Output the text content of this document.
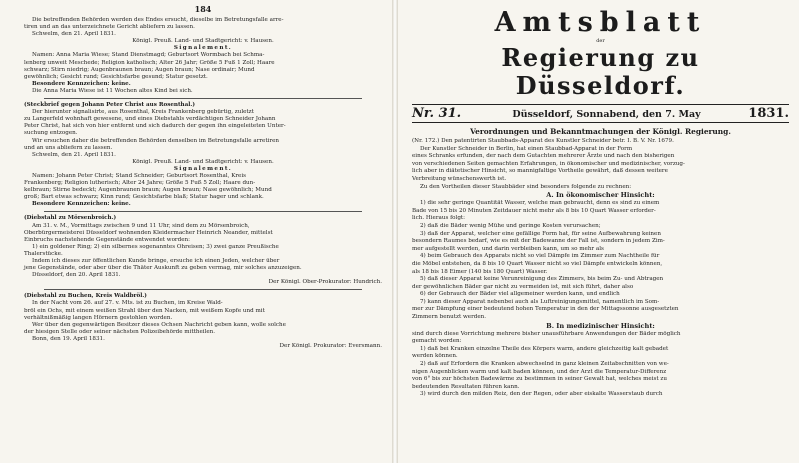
184
Die betreffenden Behörden werden des Endes ersucht, dieselbe im Betretungsfalle arre-
tiren und an das unterzeichnete Gericht abliefern zu lassen.
Schwelm, den 21. April 1831.
Königl. Preuß. Land- und Stadtgericht: v. Hausen.
Signalement.
Namen: Anna Maria Wiese; Stand Dienstmagd; Geburtsort Wormbach bei Schma-
lenberg unweit Meschede; Religion katholisch; Alter 26 Jahr; Größe 5 Fuß 1 Zoll; Haare
schwarz; Stirn niedrig; Augenbraunen braun; Augen braun; Nase ordinair; Mund
gewöhnlich; Gesicht rund; Gesichtsfarbe gesund; Statur gesetzt.
Besondere Kennzeichen: keine.
Die Anna Maria Wiese ist 11 Wochen altes Kind bei sich.
(Steckbrief gegen Johann Peter Christ aus Rosenthal.)
Der hierunter signalisirte, aus Rosenthal, Kreis Frankenberg gebürtig, zuletzt
zu Langerfeld wohnhaft gewesene, und eines Diebstahls verdächtigen Schneider Johann
Peter Christ, hat sich von hier entfernt und sich dadurch der gegen ihn eingeleiteten Unter-
suchung entzogen.
Wir ersuchen daher die betreffenden Behörden denselben im Betretungsfalle arretiren
und an uns abliefern zu lassen.
Schwelm, den 21. April 1831.
Königl. Preuß. Land- und Stadtgericht: v. Hausen.
Signalement.
Namen: Johann Peter Christ; Stand Schneider; Geburtsort Rosenthal, Kreis
Frankenberg; Religion lutherisch; Alter 24 Jahre; Größe 5 Fuß 5 Zoll; Haare dun-
kelbraun; Stirne bedeckt; Augenbraunen braun; Augen braun; Nase gewöhnlich; Mund
groß; Bart etwas schwarz; Kinn rund; Gesichtsfarbe blaß; Statur hager und schlank.
Besondere Kennzeichen: keine.
(Diebstahl zu Mörsenbroich.)
Am 31. v. M., Vormittags zwischen 9 und 11 Uhr, sind dem zu Mörsenbroich,
Oberbürgermeisterei Düsseldorf wohnenden Kleidermacher Heinrich Neander, mittelst
Einbruchs nachstehende Gegenstände entwendet worden:
1) ein goldener Ring; 2) ein silbernes sogenanntes Ohreisen; 3) zwei ganze Preußische
Thalerstücke.
Indem ich dieses zur öffentlichen Kunde bringe, ersuche ich einen Jeden, welcher über
jene Gegenstände, oder aber über die Thäter Auskunft zu geben vermag, mir solches anzuzeigen.
Düsseldorf, den 20. April 1831.
Der Königl. Ober-Prokurator: Hundrich.
(Diebstahl zu Buchen, Kreis Waldbröl.)
In der Nacht vom 26. auf 27. v. Mts. ist zu Buchen, im Kreise Wald-
bröl ein Ochs, mit einem weißen Strahl über den Nacken, mit weißem Kopfe und mit
verhältnißmäßig langen Hörnern gestohlen worden.
Wer über den gegenwärtigen Besitzer dieses Ochsen Nachricht geben kann, wolle solche
der hiesigen Stelle oder seiner nächsten Polizeibehörde mittheilen.
Bonn, den 19. April 1831.
Der Königl. Prokurator: Eversmann.
Amtsblatt
der
Regierung zu Düsseldorf.
Nr. 31.	Düsseldorf, Sonnabend, den 7. May	1831.
Verordnungen und Bekanntmachungen der Königl. Regierung.
(Nr. 172.) Den patentirten Staubbads-Apparat des Kunstler Schneider betr. I. B. V. Nr. 1679.
Der Kunstler Schneider in Berlin, hat einen Staubbad-Apparat in der Form
eines Schranks erfunden, der nach dem Gutachten mehrerer Ärzte und nach den bisherigen
von verschiedenen Seiten gemachten Erfahrungen, in ökonomischer und medizinischer, vorzug-
lich aber in diätetischer Hinsicht, so mannigfaltige Vortheile gewährt, daß dessen weitere
Verbreitung wünschenswerth ist.
Zu den Vortheilen dieser Staubbäder sind besonders folgende zu rechnen:
A. In ökonomischer Hinsicht:
1) die sehr geringe Quantität Wasser, welche man gebraucht, denn es sind zu einem
Bade von 15 bis 20 Minuten Zeitdauer nicht mehr als 8 bis 10 Quart Wasser erforder-
lich. Hieraus folgt:
2) daß die Bäder wenig Mühe und geringe Kosten verursachen;
3) daß der Apparat, welcher eine gefällige Form hat, für seine Aufbewahrung keinen
besondern Raumes bedarf, wie es mit der Badewanne der Fall ist, sondern in jedem Zim-
mer aufgestellt werden, und darin verbleiben kann, um so mehr als
4) beim Gebrauch des Apparats nicht so viel Dämpfe im Zimmer zum Nachtheile für
die Möbel entstehen, da 8 bis 10 Quart Wasser nicht so viel Dämpfe entwickeln können,
als 18 bis 18 Eimer (140 bis 180 Quart) Wasser.
5) daß dieser Apparat keine Verunreinigung des Zimmers, bis beim Zu- und Abtragen
der gewöhnlichen Bäder gar nicht zu vermeiden ist, mit sich führt, daher also
6) der Gebrauch der Bäder viel allgemeiner werden kann, und endlich
7) kann dieser Apparat nebenbei auch als Luftreinigungsmittel, namentlich im Som-
mer zur Dämpfung einer bedeutend hohen Temperatur in den der Mittagssonne ausgesetzten
Zimmern benutzt werden.
B. In medizinischer Hinsicht:
sind durch diese Vorrichtung mehrere bisher unausführbare Anwendungen der Bäder möglich
gemacht worden:
1) daß bei Kranken einzelne Theile des Körpers warm, andere gleichzeitig kalt gebadet
werden können.
2) daß auf Erfordern die Kranken abwechselnd in ganz kleinen Zeitabschnitten von we-
nigen Augenblicken warm und kalt baden können, und der Arzt die Temperatur-Differenz
von 6° bis zur höchsten Badewärme zu bestimmen in seiner Gewalt hat, welches meist zu
bedeutenden Resultaten führen kann.
3) wird durch den milden Reiz, den der Regen, oder aber eiskalte Wasserstaub durch
